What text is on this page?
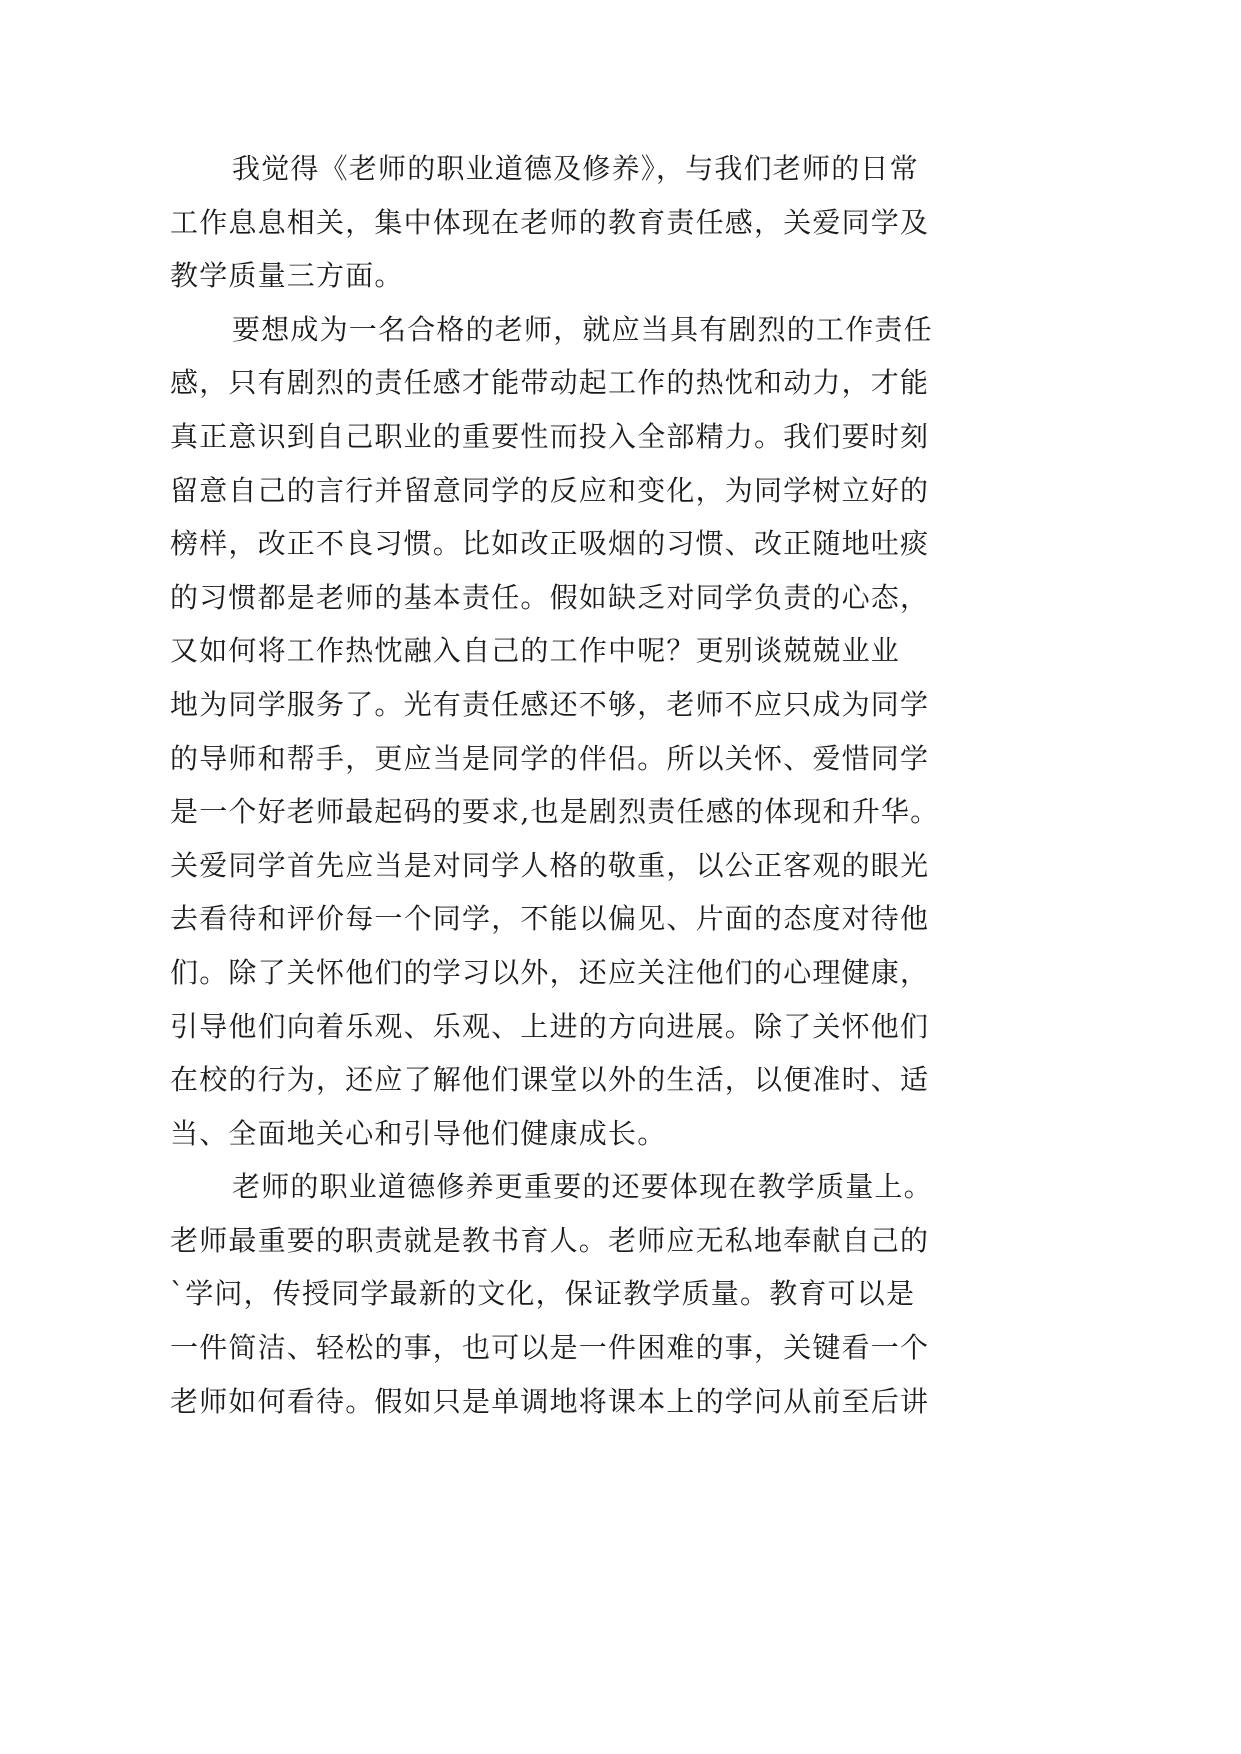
我觉得《老师的职业道德及修养》，与我们老师的日常
工作息息相关，集中体现在老师的教育责任感，关爱同学及
教学质量三方面。
要想成为一名合格的老师，就应当具有剧烈的工作责任
感，只有剧烈的责任感才能带动起工作的热忱和动力，才能
真正意识到自己职业的重要性而投入全部精力。我们要时刻
留意自己的言行并留意同学的反应和变化，为同学树立好的
榜样，改正不良习惯。比如改正吸烟的习惯、改正随地吐痰
的习惯都是老师的基本责任。假如缺乏对同学负责的心态，
又如何将工作热忱融入自己的工作中呢？更别谈兢兢业业
地为同学服务了。光有责任感还不够，老师不应只成为同学
的导师和帮手，更应当是同学的伴侣。所以关怀、爱惜同学
是一个好老师最起码的要求,也是剧烈责任感的体现和升华。
关爱同学首先应当是对同学人格的敬重，以公正客观的眼光
去看待和评价每一个同学，不能以偏见、片面的态度对待他
们。除了关怀他们的学习以外，还应关注他们的心理健康，
引导他们向着乐观、乐观、上进的方向进展。除了关怀他们
在校的行为，还应了解他们课堂以外的生活，以便准时、适
当、全面地关心和引导他们健康成长。
老师的职业道德修养更重要的还要体现在教学质量上。
老师最重要的职责就是教书育人。老师应无私地奉献自己的
`学问，传授同学最新的文化，保证教学质量。教育可以是
一件简洁、轻松的事，也可以是一件困难的事，关键看一个
老师如何看待。假如只是单调地将课本上的学问从前至后讲
